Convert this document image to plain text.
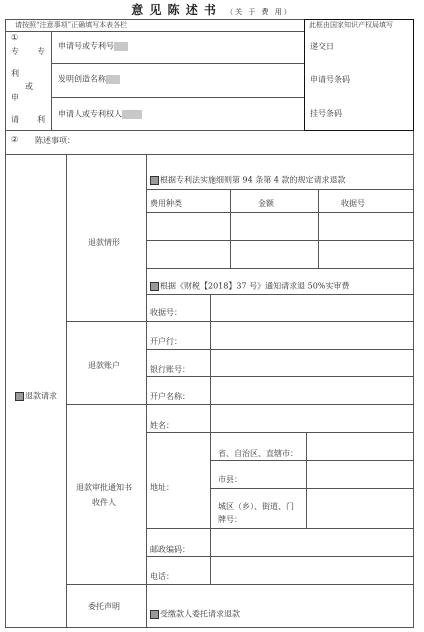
意 见 陈 述 书 （关 于 费 用）
请按照“注意事项”正确填写本表各栏
①
专 专
利
或
申
请 利
申请号或专利号
发明创造名称
申请人或专利权人
此框由国家知识产权局填写
递交日
申请号条码
挂号条码
② 陈述事项：
退款请求
退款情形
根据专利法实施细则第 94 条第 4 款的规定请求退款
费用种类	金额	收据号
根据《财税【2018】37 号》通知请求退 50%实审费
收据号：
退款账户
开户行：
银行账号：
开户名称：
退款审批通知书
收件人
姓名：
地址：
省、自治区、直辖市：
市县：
城区（乡）、街道、门
牌号：
邮政编码：
电话：
委托声明
受缴款人委托请求退款
